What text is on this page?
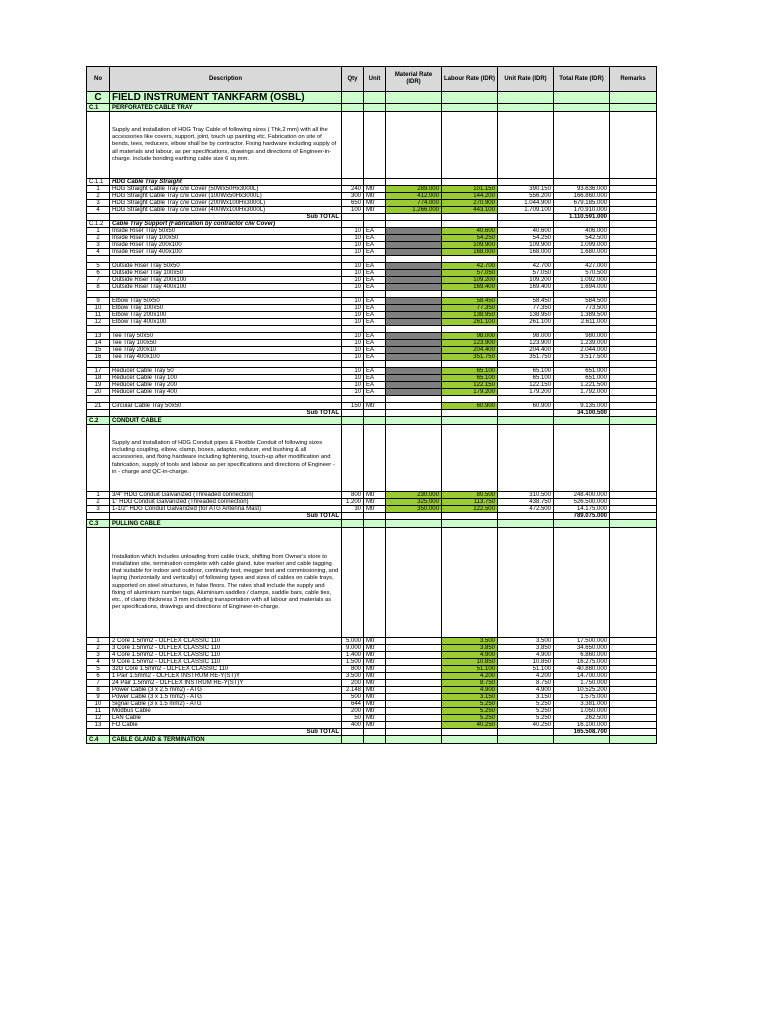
No	Description	Qty	Unit	Material Rate (IDR)	Labour Rate (IDR)	Unit Rate (IDR)	Total Rate (IDR)	Remarks
C	FIELD INSTRUMENT TANKFARM (OSBL)							
C.1	PERFORATED CABLE TRAY							
	Supply and installation of HDG Tray Cable of following sizes ( Thk.2 mm) with all the accessories like covers, support, joint, touch up painting etc. Fabrication on site of bends, tees, reducers, elbow shall be by contractor. Fixing hardware including supply of all materials and labour, as per specifications, drawings and directions of Engineer-in-charge. include bonding earthing cable size 6 sq.mm.							
C.1.1	HDG Cable Tray Straight							
1	HDG Straight Cable Tray c/w Cover (50Wx50Hx3000L)	240	Mtr	289.000	101.150	390.150	93.636.000	
2	HDG Straight Cable Tray c/w Cover (100Wx50Hx3000L)	300	Mtr	412.000	144.200	556.200	166.860.000	
3	HDG Straight Cable Tray c/w Cover (200Wx100Hx3000L)	650	Mtr	774.000	270.900	1.044.900	679.185.000	
4	HDG Straight Cable Tray c/w Cover (400Wx100Hx3000L)	100	Mtr	1.266.000	443.100	1.709.100	170.910.000	
	Sub TOTAL						1.110.591.000	
C.1.2	Cable Tray Support (Fabrication by contractor c/w Cover)							
1	Inside Riser Tray 50x50	10	EA		40.600	40.600	406.000	
2	Inside Riser Tray 100x50	10	EA		54.250	54.250	542.500	
3	Inside Riser Tray 200x100	10	EA		109.900	109.900	1.099.000	
4	Inside Riser Tray 400x100	10	EA		168.000	168.000	1.680.000	

5	Outside Riser Tray 50x50	10	EA		42.700	42.700	427.000	
6	Outside Riser Tray 100x50	10	EA		57.050	57.050	570.500	
7	Outside Riser Tray 200x100	10	EA		109.200	109.200	1.092.000	
8	Outside Riser Tray 400x100	10	EA		169.400	169.400	1.694.000	

9	Elbow Tray 50x50	10	EA		58.450	58.450	584.500	
10	Elbow Tray 100x50	10	EA		77.350	77.350	773.500	
11	Elbow Tray 200x100	10	EA		138.950	138.950	1.389.500	
12	Elbow Tray 400x100	10	EA		261.100	261.100	2.611.000	

13	Tee Tray 50x50	10	EA		98.000	98.000	980.000	
14	Tee Tray 100x50	10	EA		123.900	123.900	1.239.000	
15	Tee Tray 200x10	10	EA		204.400	204.400	2.044.000	
16	Tee Tray 400x100	10	EA		351.750	351.750	3.517.500	

17	Reducer Cable Tray 50	10	EA		65.100	65.100	651.000	
18	Reducer Cable Tray 100	10	EA		65.100	65.100	651.000	
19	Reducer Cable Tray 200	10	EA		122.150	122.150	1.221.500	
20	Reducer Cable Tray 400	10	EA		179.200	179.200	1.792.000	

21	Circular Cable Tray 50x50	150	Mtr		60.900	60.900	9.135.000	
	Sub TOTAL						34.100.500	
C.2	CONDUIT CABLE							
	Supply and installation of HDG Conduit pipes & Flexible Conduit of following sizes including coupling, elbow, clamp, boxes, adaptor, reducer, end bushing & all accessories, and fixing hardware including tightening, touch-up after modification and fabrication, supply of tools and labour as per specifications and directions of Engineer - in - charge and QC-in-charge.							
1	3/4" HDG Conduit Galvanized (Threaded connection)	800	Mtr	230.000	80.500	310.500	248.400.000	
2	1" HDG Conduit Galvanized (Threaded connection)	1.200	Mtr	325.000	113.750	438.750	526.500.000	
3	1-1/2" HDG Conduit Galvanized (for ATG Antenna Mast)	30	Mtr	350.000	122.500	472.500	14.175.000	
	Sub TOTAL						789.075.000	
C.3	PULLING CABLE							
	Installation which includes unloading from cable truck, shifting from Owner's store to installation site, termination complete with cable gland, tube marker and cable tagging that suitable for indoor and outdoor, continuity test, megger test and commissioning, and laying (horizontally and vertically) of following types and sizes of cables on cable trays, supported on steel structures, in false floors. The rates shall include the supply and fixing of aluminium number tags, Aluminium saddles / clamps, saddle bars, cable ties, etc., of clamp thickness 3 mm including transportation with all labour and materials as per specifications, drawings and directions of Engineer-in-charge.							
1	2 Core 1.5mm2 - OLFLEX CLASSIC 110	5.000	Mtr		3.500	3.500	17.500.000	
2	3 Core 1.5mm2 - OLFLEX CLASSIC 110	9.000	Mtr		3.850	3.850	34.650.000	
3	4 Core 1.5mm2 - OLFLEX CLASSIC 110	1.400	Mtr		4.900	4.900	6.860.000	
4	9 Core 1.5mm2 - OLFLEX CLASSIC 110	1.500	Mtr		10.850	10.850	16.275.000	
5	32G Core 1.5mm2 - OLFLEX CLASSIC 110	800	Mtr		51.100	51.100	40.880.000	
6	1 Pair 1.5mm2 - OLFLEX INSTRUM RE-Y(ST)Y	3.500	Mtr		4.200	4.200	14.700.000	
7	24 Pair 1.5mm2 - OLFLEX INSTRUM RE-Y(ST)Y	200	Mtr		8.750	8.750	1.750.000	
8	Power Cable (3 x 2.5 mm2) - ATG	2.148	Mtr		4.900	4.900	10.525.200	
9	Power Cable (3 x 1.5 mm2) - ATG	500	Mtr		3.150	3.150	1.575.000	
10	Signal Cable (3 x 1.5 mm2) - ATG	644	Mtr		5.250	5.250	3.381.000	
11	Modbus Cable	200	Mtr		5.250	5.250	1.050.000	
12	LAN Cable	50	Mtr		5.250	5.250	262.500	
13	FO Cable	400	Mtr		40.250	40.250	16.100.000	
	Sub TOTAL						165.508.700	
C.4	CABLE GLAND & TERMINATION							
